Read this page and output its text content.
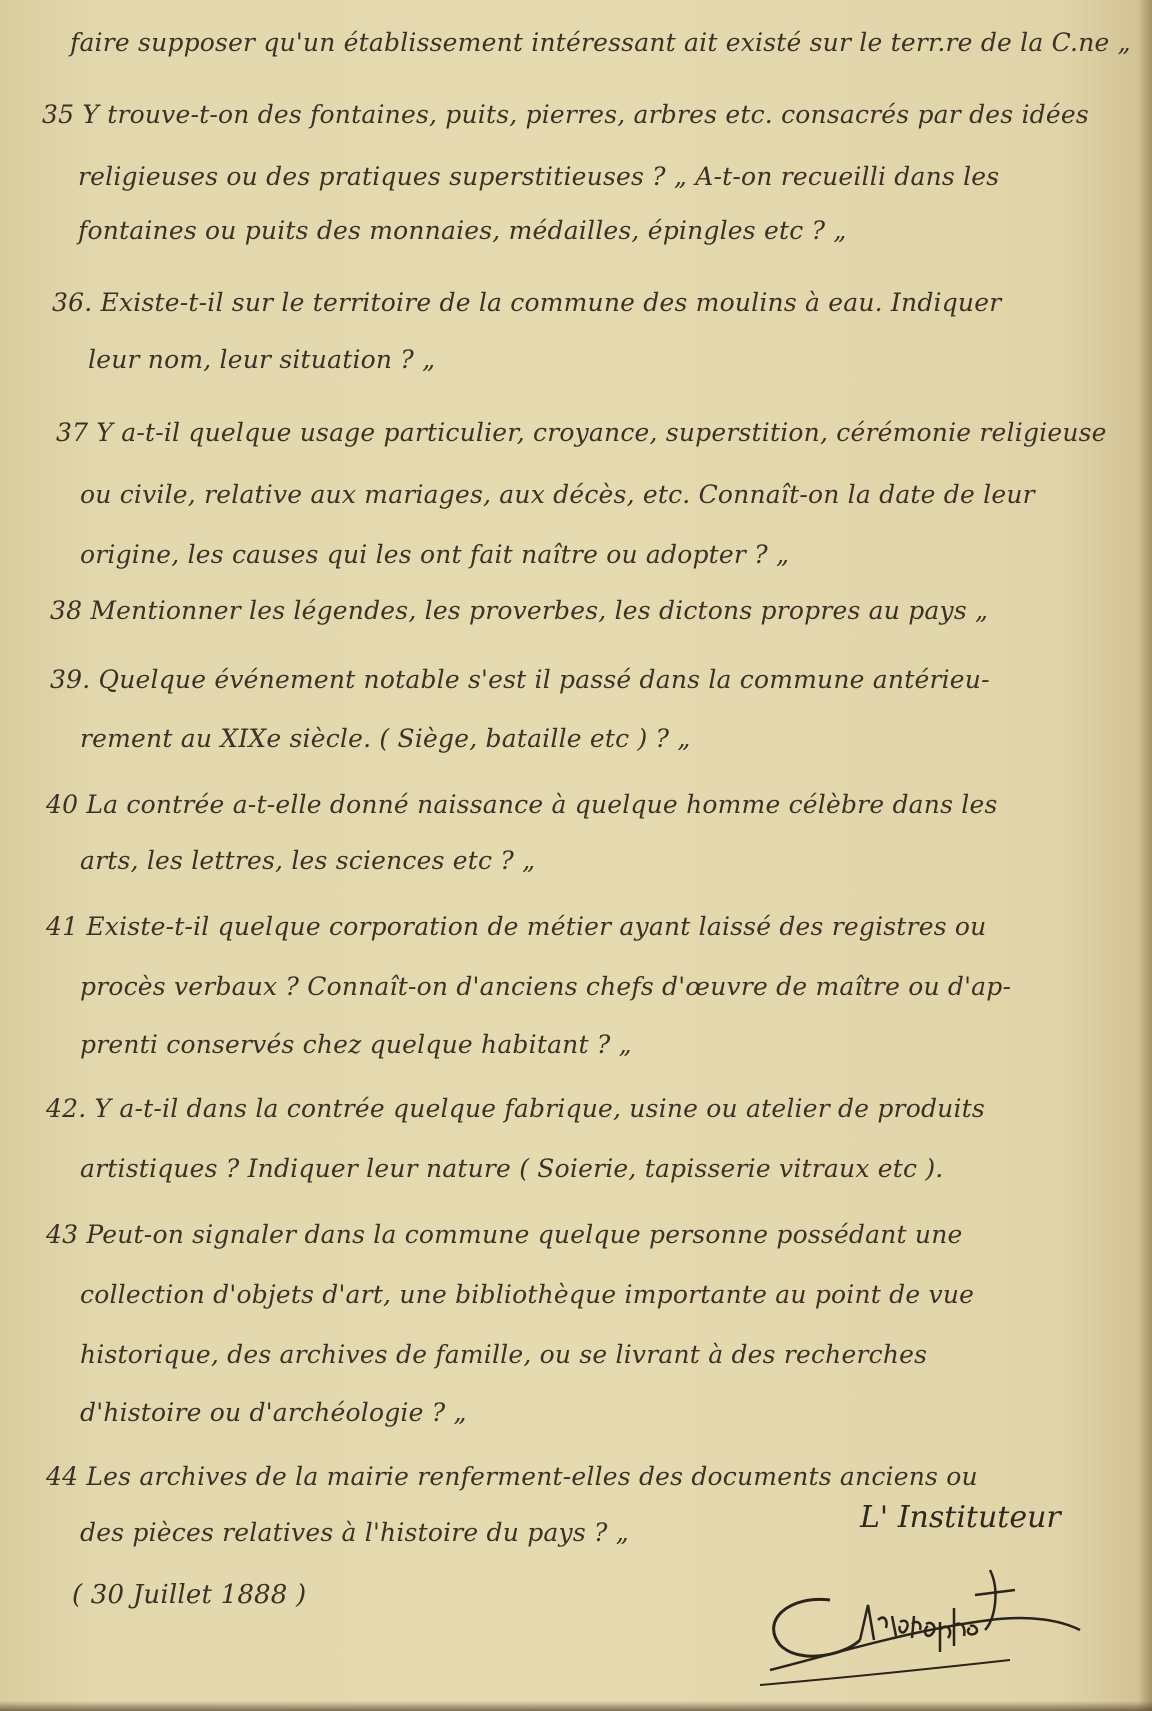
faire supposer qu'un établissement intéressant ait existé sur le terr.re de la C.ne „
35 Y trouve-t-on des fontaines, puits, pierres, arbres etc. consacrés par des idées
religieuses ou des pratiques superstitieuses ? „ A-t-on recueilli dans les
fontaines ou puits des monnaies, médailles, épingles etc ? „
36. Existe-t-il sur le territoire de la commune des moulins à eau. Indiquer
leur nom, leur situation ? „
37 Y a-t-il quelque usage particulier, croyance, superstition, cérémonie religieuse
ou civile, relative aux mariages, aux décès, etc. Connaît-on la date de leur
origine, les causes qui les ont fait naître ou adopter ? „
38 Mentionner les légendes, les proverbes, les dictons propres au pays „
39. Quelque événement notable s'est il passé dans la commune antérieu-
rement au XIXe siècle. ( Siège, bataille etc ) ? „
40 La contrée a-t-elle donné naissance à quelque homme célèbre dans les
arts, les lettres, les sciences etc ? „
41 Existe-t-il quelque corporation de métier ayant laissé des registres ou
procès verbaux ? Connaît-on d'anciens chefs d'œuvre de maître ou d'ap-
prenti conservés chez quelque habitant ? „
42. Y a-t-il dans la contrée quelque fabrique, usine ou atelier de produits
artistiques ? Indiquer leur nature ( Soierie, tapisserie vitraux etc ).
43 Peut-on signaler dans la commune quelque personne possédant une
collection d'objets d'art, une bibliothèque importante au point de vue
historique, des archives de famille, ou se livrant à des recherches
d'histoire ou d'archéologie ? „
44 Les archives de la mairie renferment-elles des documents anciens ou
des pièces relatives à l'histoire du pays ? „
( 30 Juillet 1888 )
L' Instituteur
